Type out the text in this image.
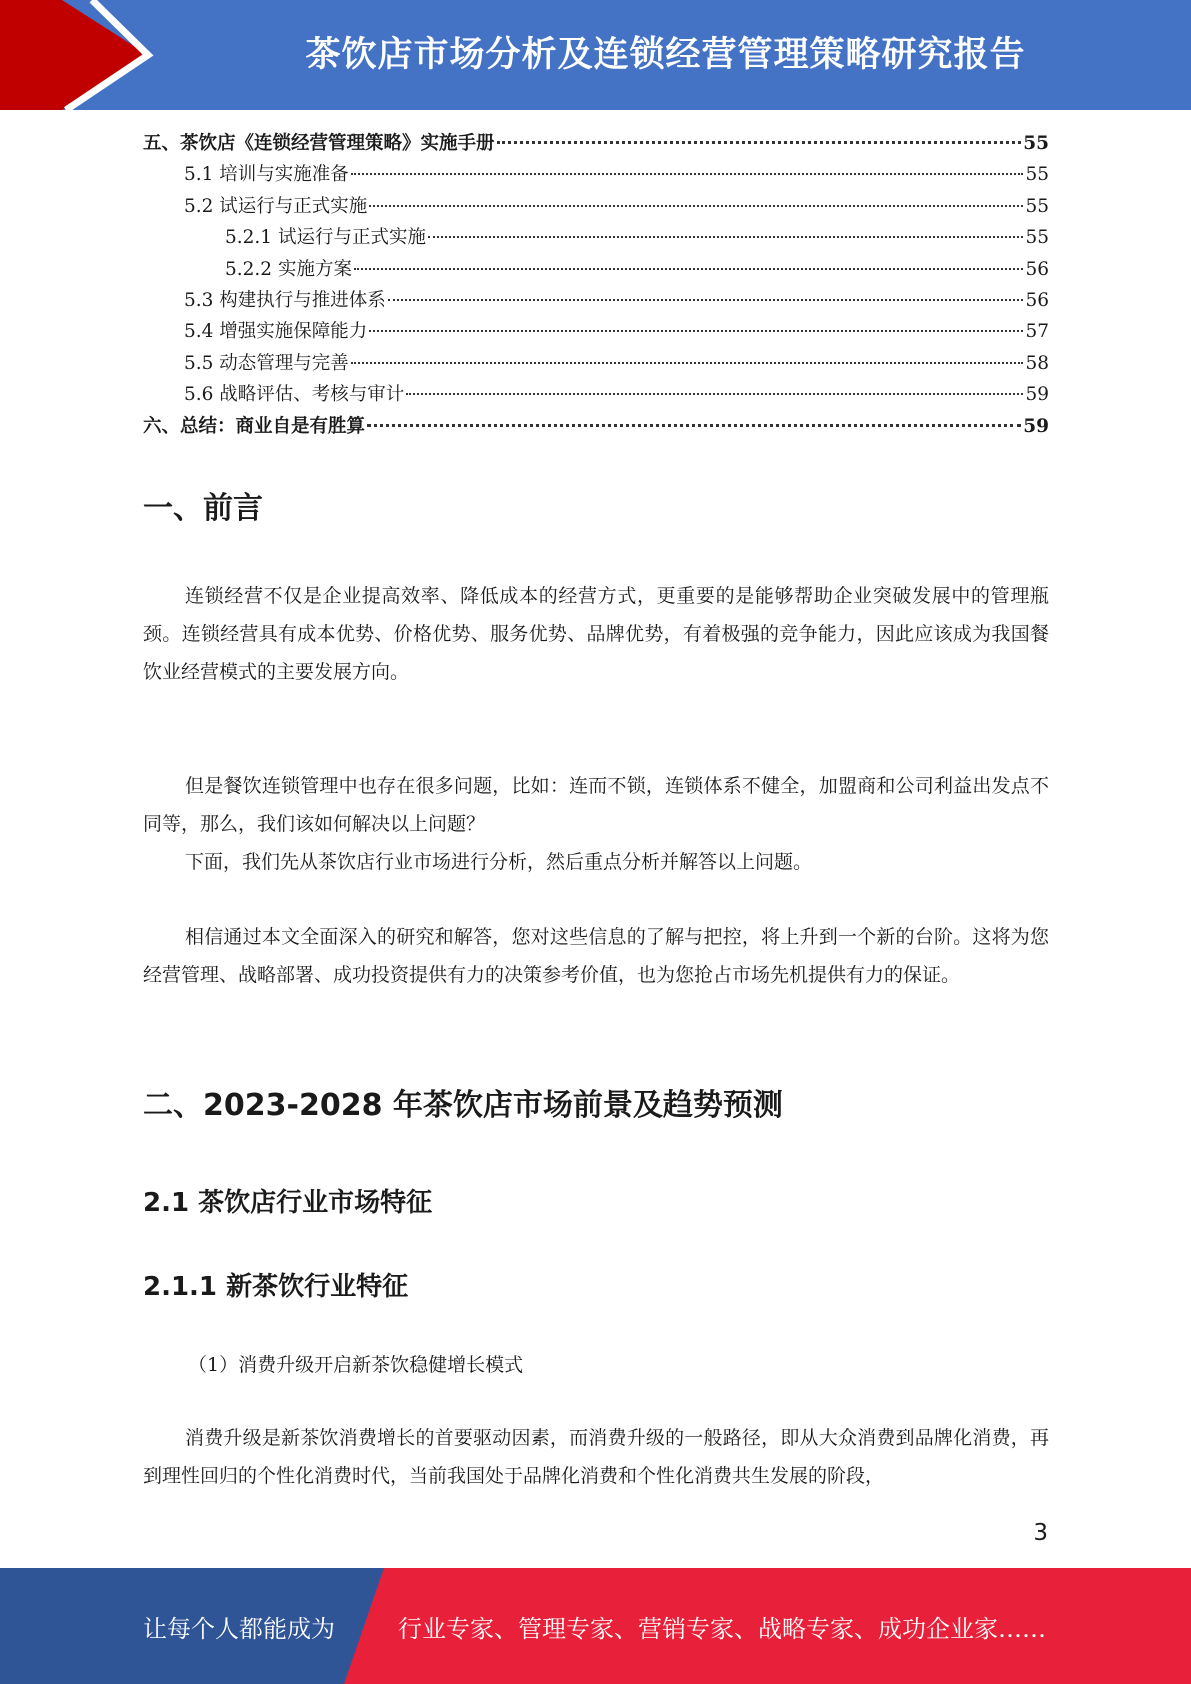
茶饮店市场分析及连锁经营管理策略研究报告
五、茶饮店《连锁经营管理策略》实施手册	55
5.1 培训与实施准备	55
5.2 试运行与正式实施	55
5.2.1 试运行与正式实施	55
5.2.2 实施方案	56
5.3 构建执行与推进体系	56
5.4 增强实施保障能力	57
5.5 动态管理与完善	58
5.6 战略评估、考核与审计	59
六、总结：商业自是有胜算	59
一、前言

连锁经营不仅是企业提高效率、降低成本的经营方式，更重要的是能够帮助企业突破发展中的管理瓶颈。连锁经营具有成本优势、价格优势、服务优势、品牌优势，有着极强的竞争能力，因此应该成为我国餐饮业经营模式的主要发展方向。

但是餐饮连锁管理中也存在很多问题，比如：连而不锁，连锁体系不健全，加盟商和公司利益出发点不同等，那么，我们该如何解决以上问题？

下面，我们先从茶饮店行业市场进行分析，然后重点分析并解答以上问题。

相信通过本文全面深入的研究和解答，您对这些信息的了解与把控，将上升到一个新的台阶。这将为您经营管理、战略部署、成功投资提供有力的决策参考价值，也为您抢占市场先机提供有力的保证。

二、2023-2028 年茶饮店市场前景及趋势预测
2.1 茶饮店行业市场特征
2.1.1 新茶饮行业特征
（1）消费升级开启新茶饮稳健增长模式

消费升级是新茶饮消费增长的首要驱动因素，而消费升级的一般路径，即从大众消费到品牌化消费，再到理性回归的个性化消费时代，当前我国处于品牌化消费和个性化消费共生发展的阶段，

3
让每个人都能成为	行业专家、管理专家、营销专家、战略专家、成功企业家……
